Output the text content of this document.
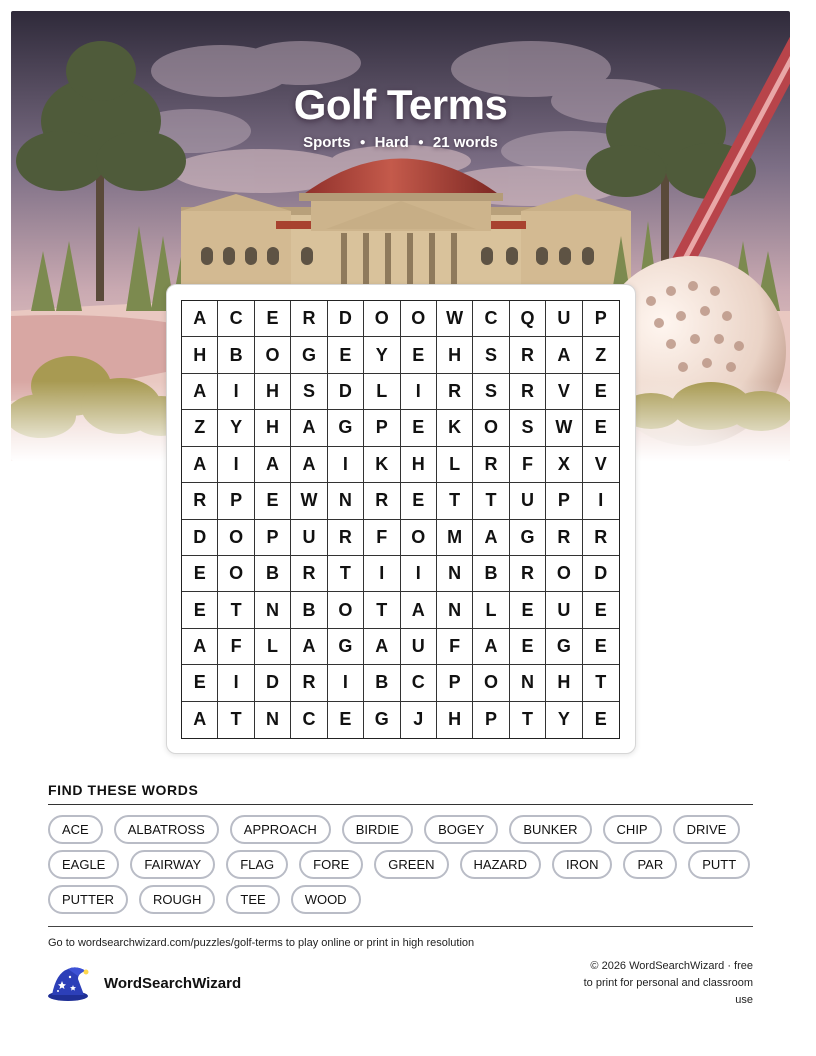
Golf Terms
Sports ● Hard ● 21 words
A	C	E	R	D	O	O	W	C	Q	U	P
H	B	O	G	E	Y	E	H	S	R	A	Z
A	I	H	S	D	L	I	R	S	R	V	E
Z	Y	H	A	G	P	E	K	O	S	W	E
A	I	A	A	I	K	H	L	R	F	X	V
R	P	E	W	N	R	E	T	T	U	P	I
D	O	P	U	R	F	O	M	A	G	R	R
E	O	B	R	T	I	I	N	B	R	O	D
E	T	N	B	O	T	A	N	L	E	U	E
A	F	L	A	G	A	U	F	A	E	G	E
E	I	D	R	I	B	C	P	O	N	H	T
A	T	N	C	E	G	J	H	P	T	Y	E
FIND THESE WORDS
ACE	ALBATROSS	APPROACH	BIRDIE	BOGEY	BUNKER	CHIP	DRIVE
EAGLE	FAIRWAY	FLAG	FORE	GREEN	HAZARD	IRON	PAR	PUTT
PUTTER	ROUGH	TEE	WOOD
Go to wordsearchwizard.com/puzzles/golf-terms to play online or print in high resolution
WordSearchWizard
© 2026 WordSearchWizard · free to print for personal and classroom use
